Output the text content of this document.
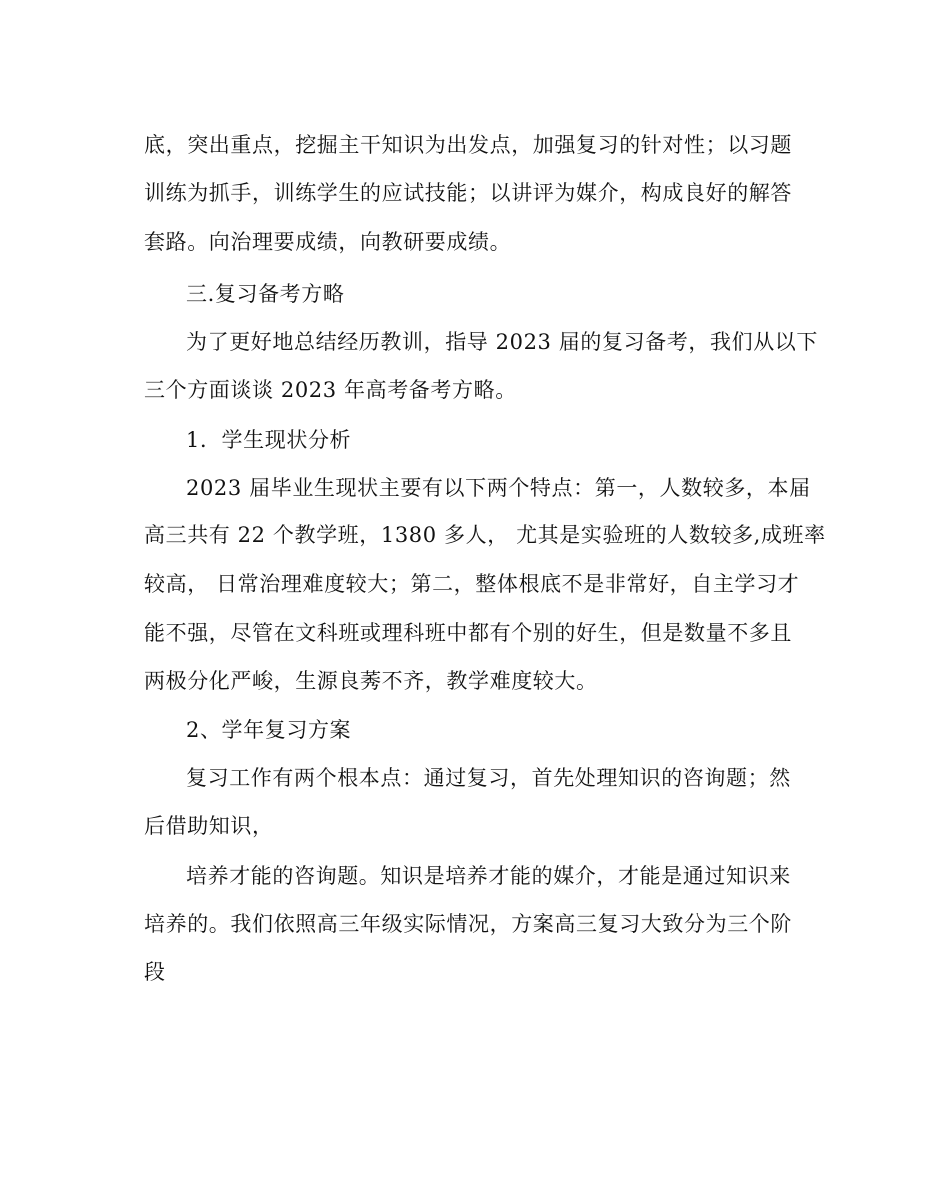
底，突出重点，挖掘主干知识为出发点，加强复习的针对性；以习题
训练为抓手，训练学生的应试技能；以讲评为媒介，构成良好的解答
套路。向治理要成绩，向教研要成绩。
三.复习备考方略
为了更好地总结经历教训，指导 2023 届的复习备考，我们从以下
三个方面谈谈 2023 年高考备考方略。
1．学生现状分析
2023 届毕业生现状主要有以下两个特点：第一，人数较多，本届
高三共有 22 个教学班，1380 多人， 尤其是实验班的人数较多,成班率
较高， 日常治理难度较大；第二，整体根底不是非常好，自主学习才
能不强，尽管在文科班或理科班中都有个别的好生，但是数量不多且
两极分化严峻，生源良莠不齐，教学难度较大。
2、学年复习方案
复习工作有两个根本点：通过复习，首先处理知识的咨询题；然
后借助知识，
培养才能的咨询题。知识是培养才能的媒介，才能是通过知识来
培养的。我们依照高三年级实际情况，方案高三复习大致分为三个阶
段
